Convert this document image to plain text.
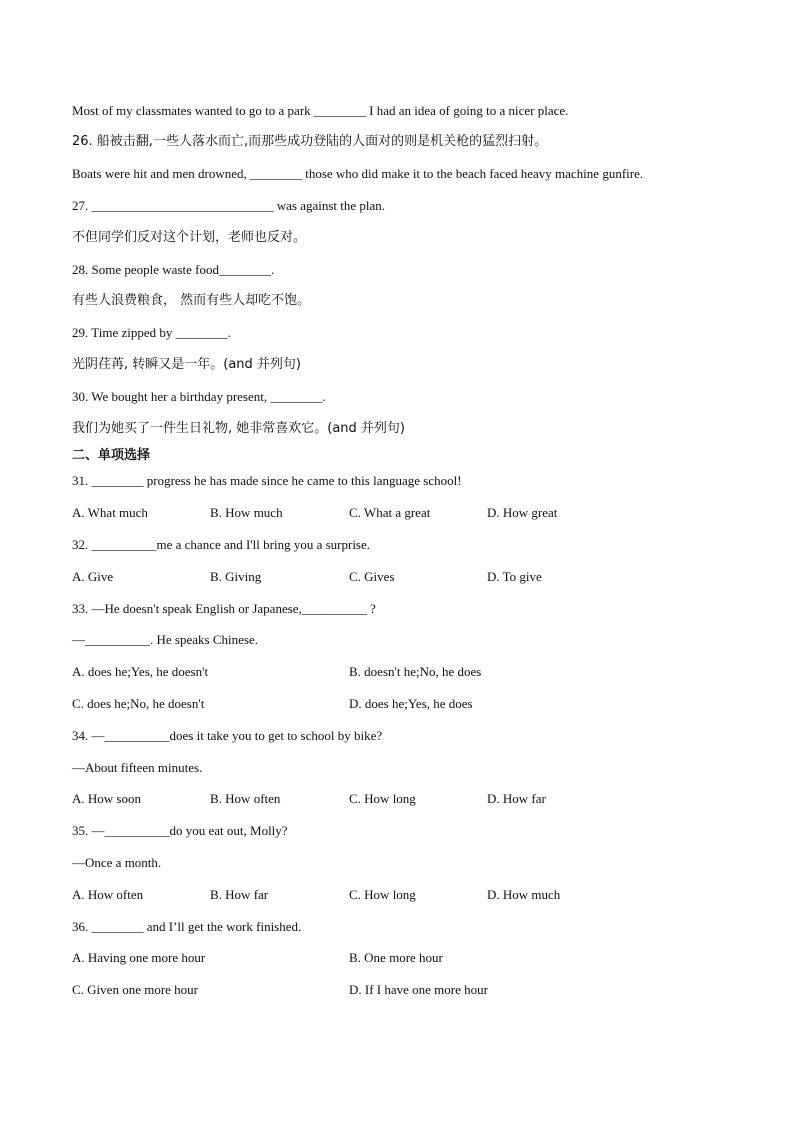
Most of my classmates wanted to go to a park ________ I had an idea of going to a nicer place.
26. 船被击翻,一些人落水而亡,而那些成功登陆的人面对的则是机关枪的猛烈扫射。
Boats were hit and men drowned, ________ those who did make it to the beach faced heavy machine gunfire.
27. ____________________________ was against the plan.
不但同学们反对这个计划，老师也反对。
28. Some people waste food________.
有些人浪费粮食， 然而有些人却吃不饱。
29. Time zipped by ________.
光阴荏苒, 转瞬又是一年。(and 并列句)
30. We bought her a birthday present, ________.
我们为她买了一件生日礼物, 她非常喜欢它。(and 并列句)
二、单项选择
31. ________ progress he has made since he came to this language school!
A. What much	B. How much	C. What a great	D. How great
32. __________me a chance and I'll bring you a surprise.
A. Give	B. Giving	C. Gives	D. To give
33. —He doesn't speak English or Japanese,__________ ?
—__________. He speaks Chinese.
A. does he;Yes, he doesn't	B. doesn't he;No, he does
C. does he;No, he doesn't	D. does he;Yes, he does
34. —__________does it take you to get to school by bike?
—About fifteen minutes.
A. How soon	B. How often	C. How long	D. How far
35. —__________do you eat out, Molly?
—Once a month.
A. How often	B. How far	C. How long	D. How much
36. ________ and I’ll get the work finished.
A. Having one more hour	B. One more hour
C. Given one more hour	D. If I have one more hour
